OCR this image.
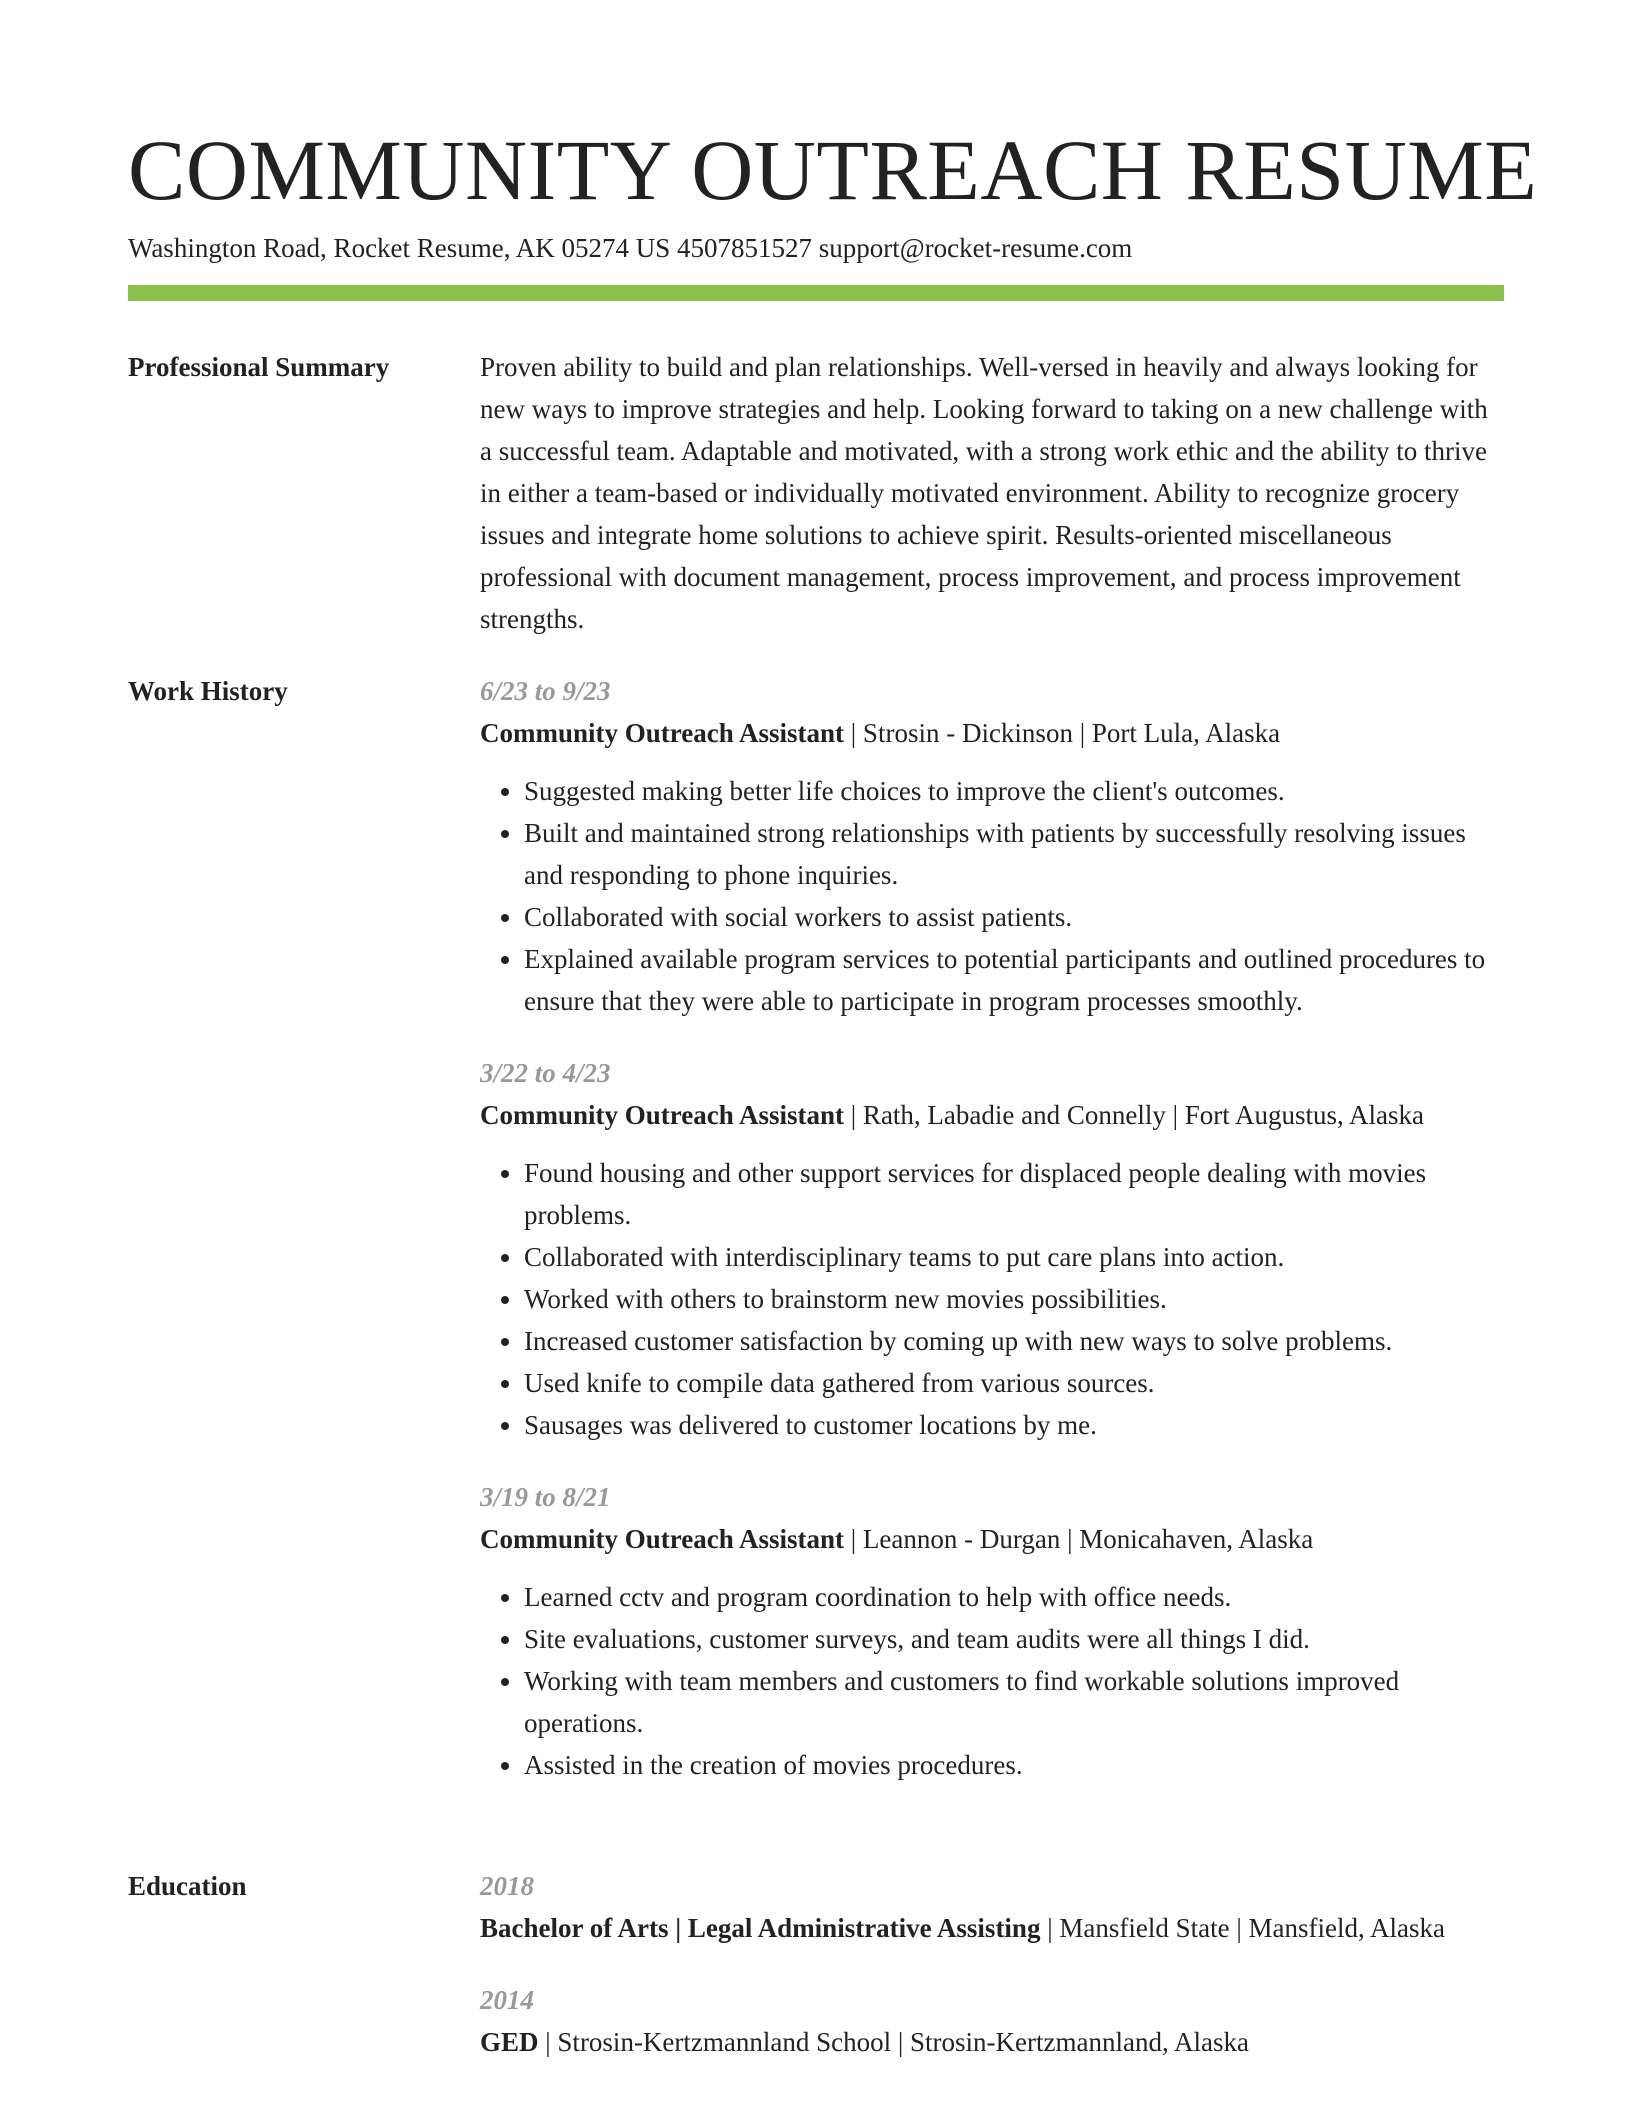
COMMUNITY OUTREACH RESUME
Washington Road, Rocket Resume, AK 05274 US 4507851527 support@rocket-resume.com
Professional Summary	Proven ability to build and plan relationships. Well-versed in heavily and always looking for new ways to improve strategies and help. Looking forward to taking on a new challenge with a successful team. Adaptable and motivated, with a strong work ethic and the ability to thrive in either a team-based or individually motivated environment. Ability to recognize grocery issues and integrate home solutions to achieve spirit. Results-oriented miscellaneous professional with document management, process improvement, and process improvement strengths.

Work History	6/23 to 9/23
Community Outreach Assistant | Strosin - Dickinson | Port Lula, Alaska
• Suggested making better life choices to improve the client's outcomes.
• Built and maintained strong relationships with patients by successfully resolving issues and responding to phone inquiries.
• Collaborated with social workers to assist patients.
• Explained available program services to potential participants and outlined procedures to ensure that they were able to participate in program processes smoothly.
3/22 to 4/23
Community Outreach Assistant | Rath, Labadie and Connelly | Fort Augustus, Alaska
• Found housing and other support services for displaced people dealing with movies problems.
• Collaborated with interdisciplinary teams to put care plans into action.
• Worked with others to brainstorm new movies possibilities.
• Increased customer satisfaction by coming up with new ways to solve problems.
• Used knife to compile data gathered from various sources.
• Sausages was delivered to customer locations by me.
3/19 to 8/21
Community Outreach Assistant | Leannon - Durgan | Monicahaven, Alaska
• Learned cctv and program coordination to help with office needs.
• Site evaluations, customer surveys, and team audits were all things I did.
• Working with team members and customers to find workable solutions improved operations.
• Assisted in the creation of movies procedures.
Education	2018
Bachelor of Arts | Legal Administrative Assisting | Mansfield State | Mansfield, Alaska
2014
GED | Strosin-Kertzmannland School | Strosin-Kertzmannland, Alaska
